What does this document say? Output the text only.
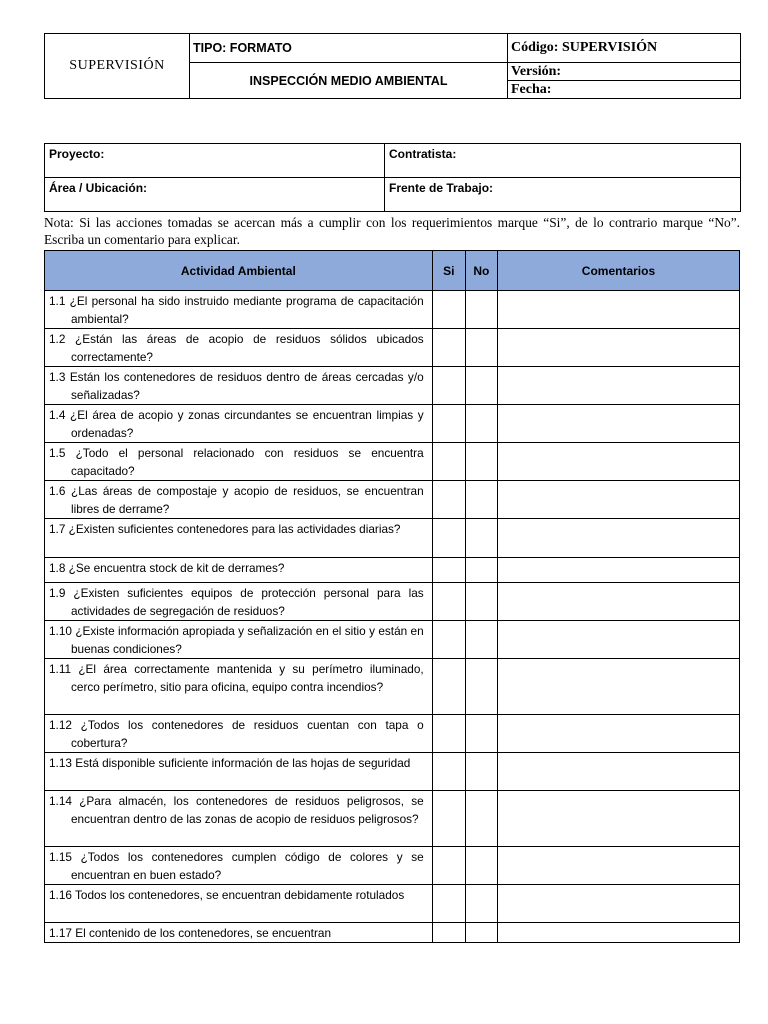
SUPERVISIÓN	TIPO: FORMATO	Código: SUPERVISIÓN
	INSPECCIÓN MEDIO AMBIENTAL	Versión:
		Fecha:
Proyecto:	Contratista:
Área / Ubicación:	Frente de Trabajo:

Nota: Si las acciones tomadas se acercan más a cumplir con los requerimientos marque “Si”, de lo contrario marque “No”. Escriba un comentario para explicar.

Actividad Ambiental	Si	No	Comentarios

1.1 ¿El personal ha sido instruido mediante programa de capacitación ambiental?			

1.2 ¿Están las áreas de acopio de residuos sólidos ubicados correctamente?			

1.3 Están los contenedores de residuos dentro de áreas cercadas y/o señalizadas?			

1.4 ¿El área de acopio y zonas circundantes se encuentran limpias y ordenadas?			

1.5 ¿Todo el personal relacionado con residuos se encuentra capacitado?			

1.6 ¿Las áreas de compostaje y acopio de residuos, se encuentran libres de derrame?			

1.7 ¿Existen suficientes contenedores para las actividades diarias?			

1.8 ¿Se encuentra stock de kit de derrames?			

1.9 ¿Existen suficientes equipos de protección personal para las actividades de segregación de residuos?			

1.10 ¿Existe información apropiada y señalización en el sitio y están en buenas condiciones?			

1.11 ¿El área correctamente mantenida y su perímetro iluminado, cerco perímetro, sitio para oficina, equipo contra incendios?			

1.12 ¿Todos los contenedores de residuos cuentan con tapa o cobertura?			

1.13 Está disponible suficiente información de las hojas de seguridad			

1.14 ¿Para almacén, los contenedores de residuos peligrosos, se encuentran dentro de las zonas de acopio de residuos peligrosos?			

1.15 ¿Todos los contenedores cumplen código de colores y se encuentran en buen estado?			

1.16 Todos los contenedores, se encuentran debidamente rotulados			

1.17 El contenido de los contenedores, se encuentran			
